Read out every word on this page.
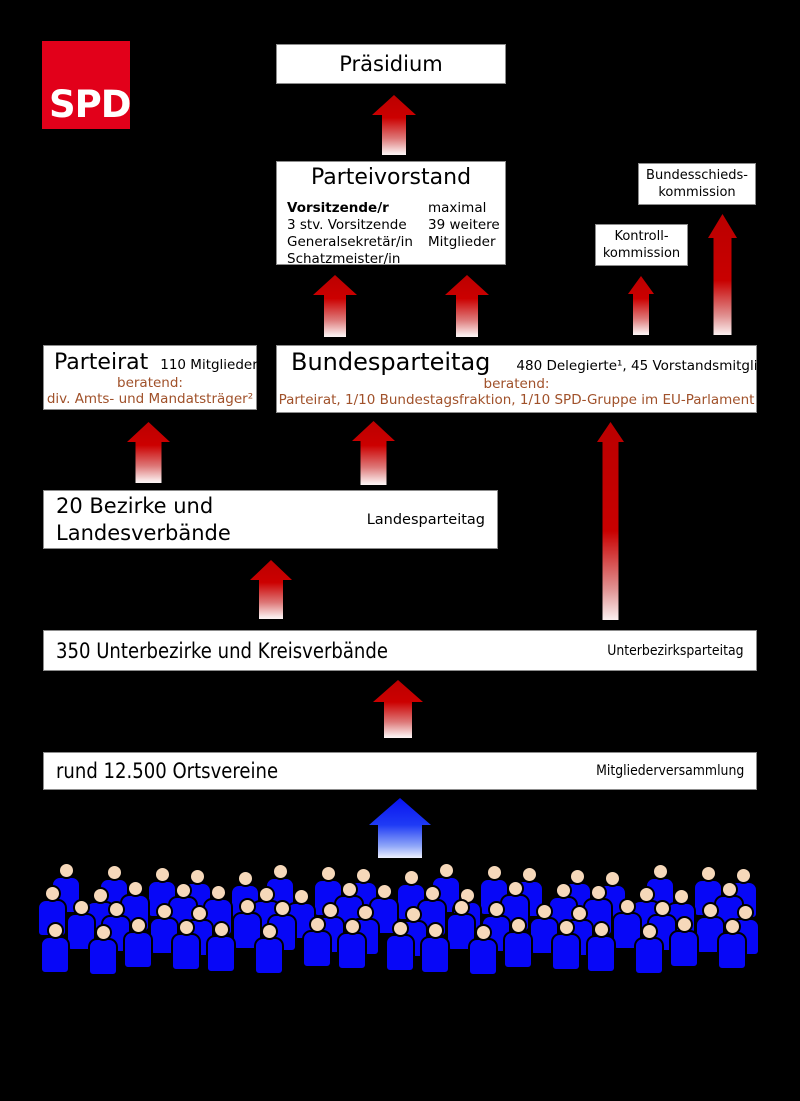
SPD
Präsidium
Parteivorstand
Vorsitzende/r
3 stv. Vorsitzende
Generalsekretär/in
Schatzmeister/in
maximal
39 weitere
Mitglieder
Bundesschieds-
kommission
Kontroll-
kommission
Parteirat 110 Mitglieder¹
beratend:
div. Amts- und Mandatsträger²
Bundesparteitag 480 Delegierte¹, 45 Vorstandsmitglieder
beratend:
Parteirat, 1/10 Bundestagsfraktion, 1/10 SPD-Gruppe im EU-Parlament
20 Bezirke und
Landesverbände
Landesparteitag
350 Unterbezirke und Kreisverbände	Unterbezirksparteitag
rund 12.500 Ortsvereine	Mitgliederversammlung
